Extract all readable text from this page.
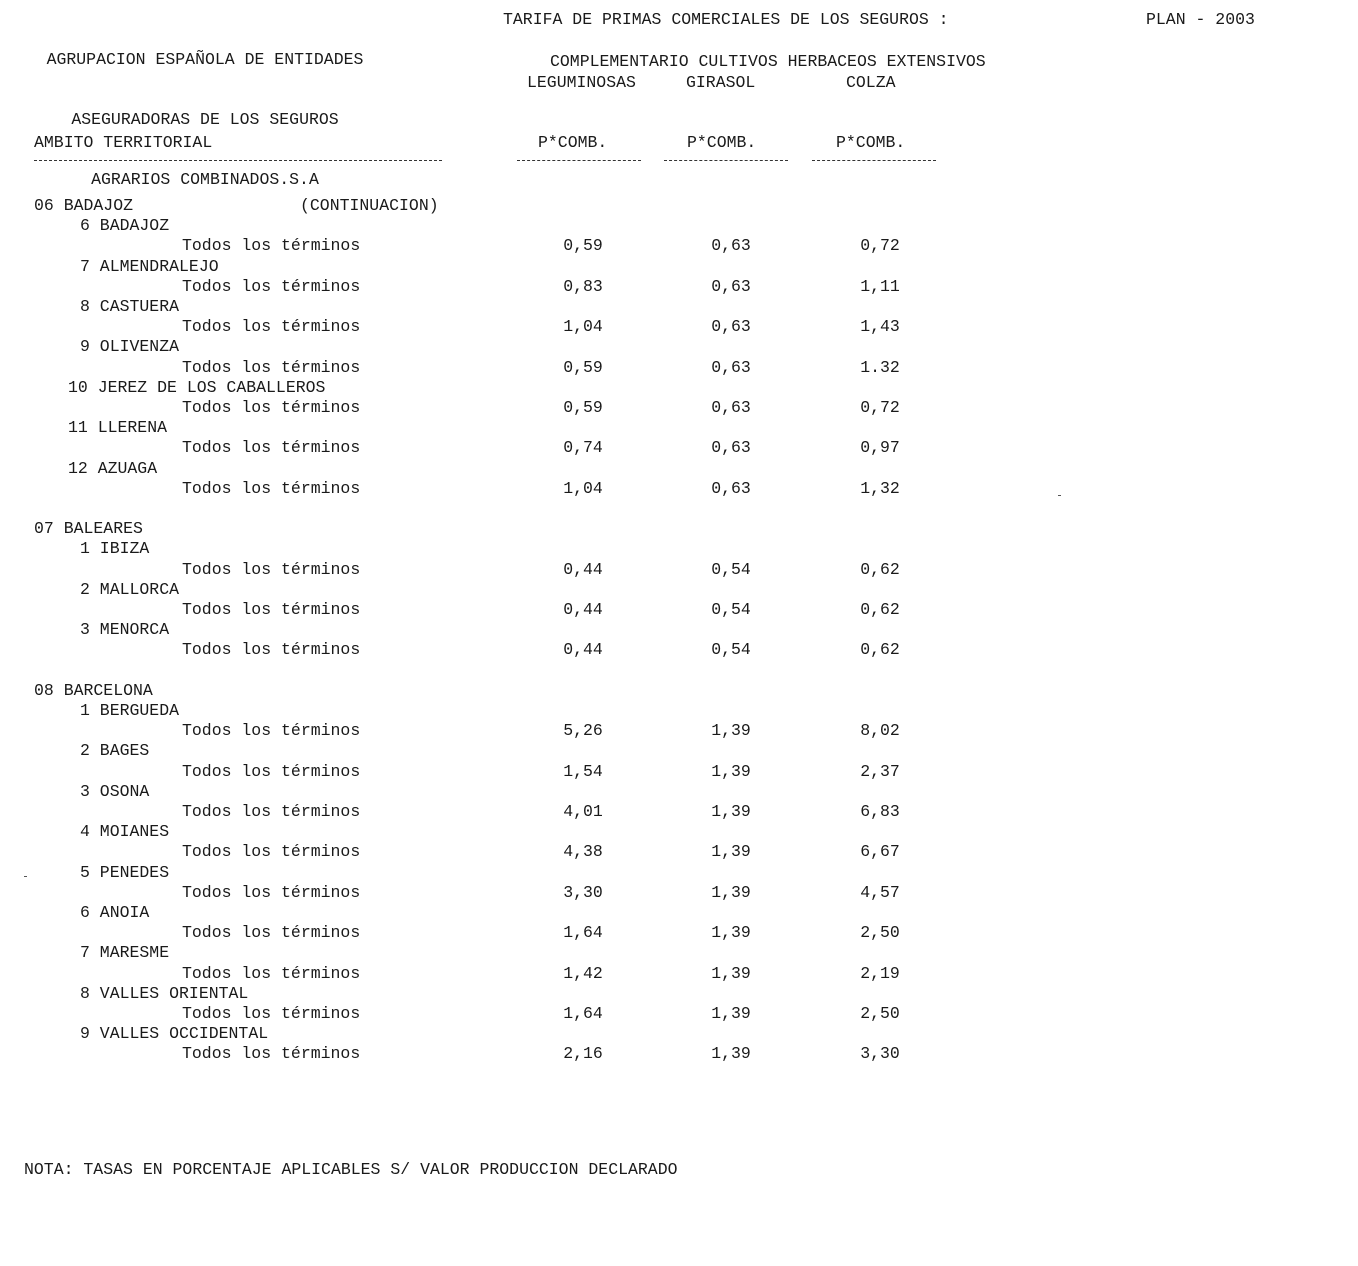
AGRUPACION ESPAÑOLA DE ENTIDADES

ASEGURADORAS DE LOS SEGUROS

AGRARIOS COMBINADOS.S.A

TARIFA DE PRIMAS COMERCIALES DE LOS SEGUROS :	PLAN - 2003
COMPLEMENTARIO CULTIVOS HERBACEOS EXTENSIVOS
LEGUMINOSAS	GIRASOL	COLZA
AMBITO TERRITORIAL	P*COMB.	P*COMB.	P*COMB.
06 BADAJOZ	(CONTINUACION)
6 BADAJOZ
Todos los términos	0,59	0,63	0,72
7 ALMENDRALEJO
Todos los términos	0,83	0,63	1,11
8 CASTUERA
Todos los términos	1,04	0,63	1,43
9 OLIVENZA
Todos los términos	0,59	0,63	1.32
10 JEREZ DE LOS CABALLEROS
Todos los términos	0,59	0,63	0,72
11 LLERENA
Todos los términos	0,74	0,63	0,97
12 AZUAGA
Todos los términos	1,04	0,63	1,32
07 BALEARES
1 IBIZA
Todos los términos	0,44	0,54	0,62
2 MALLORCA
Todos los términos	0,44	0,54	0,62
3 MENORCA
Todos los términos	0,44	0,54	0,62
08 BARCELONA
1 BERGUEDA
Todos los términos	5,26	1,39	8,02
2 BAGES
Todos los términos	1,54	1,39	2,37
3 OSONA
Todos los términos	4,01	1,39	6,83
4 MOIANES
Todos los términos	4,38	1,39	6,67
5 PENEDES
Todos los términos	3,30	1,39	4,57
6 ANOIA
Todos los términos	1,64	1,39	2,50
7 MARESME
Todos los términos	1,42	1,39	2,19
8 VALLES ORIENTAL
Todos los términos	1,64	1,39	2,50
9 VALLES OCCIDENTAL
Todos los términos	2,16	1,39	3,30
NOTA: TASAS EN PORCENTAJE APLICABLES S/ VALOR PRODUCCION DECLARADO
